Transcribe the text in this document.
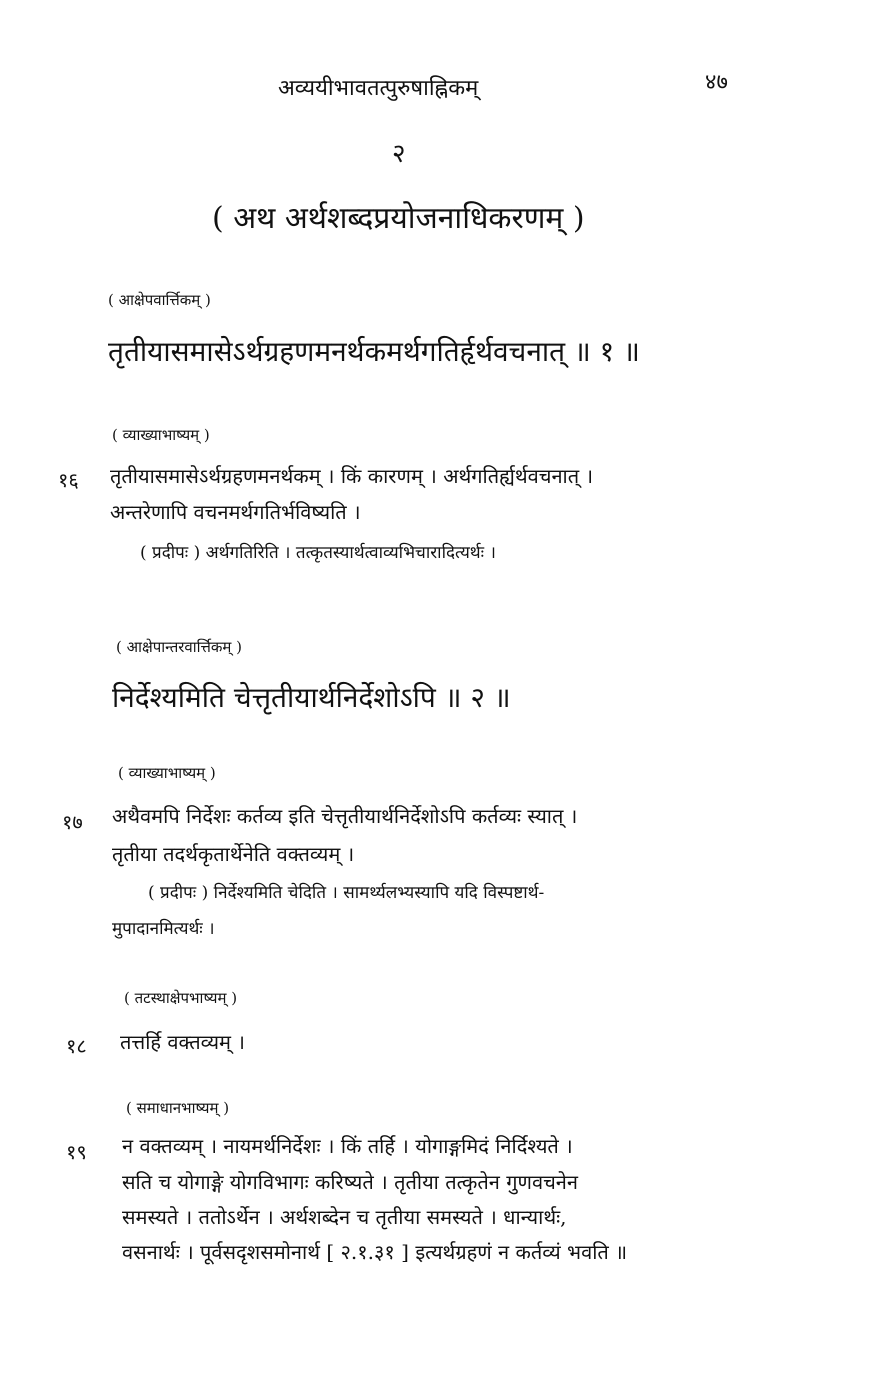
अव्ययीभावतत्पुरुषाह्निकम्	४७
२
( अथ अर्थशब्दप्रयोजनाधिकरणम् )
( आक्षेपवार्त्तिकम् )
तृतीयासमासेऽर्थग्रहणमनर्थकमर्थगतिर्हृर्थवचनात् ॥ १ ॥
( व्याख्याभाष्यम् )
१६ तृतीयासमासेऽर्थग्रहणमनर्थकम् । किं कारणम् । अर्थगतिर्ह्यर्थवचनात् ।
अन्तरेणापि वचनमर्थगतिर्भविष्यति ।
( प्रदीपः ) अर्थगतिरिति । तत्कृतस्यार्थत्वाव्यभिचारादित्यर्थः ।
( आक्षेपान्तरवार्त्तिकम् )
निर्देश्यमिति चेत्तृतीयार्थनिर्देशोऽपि ॥ २ ॥
( व्याख्याभाष्यम् )
१७ अथैवमपि निर्देशः कर्तव्य इति चेत्तृतीयार्थनिर्देशोऽपि कर्तव्यः स्यात् ।
तृतीया तदर्थकृतार्थेनेति वक्तव्यम् ।
( प्रदीपः ) निर्देश्यमिति चेदिति । सामर्थ्यलभ्यस्यापि यदि विस्पष्टार्थ-
मुपादानमित्यर्थः ।
( तटस्थाक्षेपभाष्यम् )
१८ तत्तर्हि वक्तव्यम् ।
( समाधानभाष्यम् )
१९ न वक्तव्यम् । नायमर्थनिर्देशः । किं तर्हि । योगाङ्गमिदं निर्दिश्यते ।
सति च योगाङ्गे योगविभागः करिष्यते । तृतीया तत्कृतेन गुणवचनेन
समस्यते । ततोऽर्थेन । अर्थशब्देन च तृतीया समस्यते । धान्यार्थः,
वसनार्थः । पूर्वसदृशसमोनार्थ [ २.१.३१ ] इत्यर्थग्रहणं न कर्तव्यं भवति ॥
